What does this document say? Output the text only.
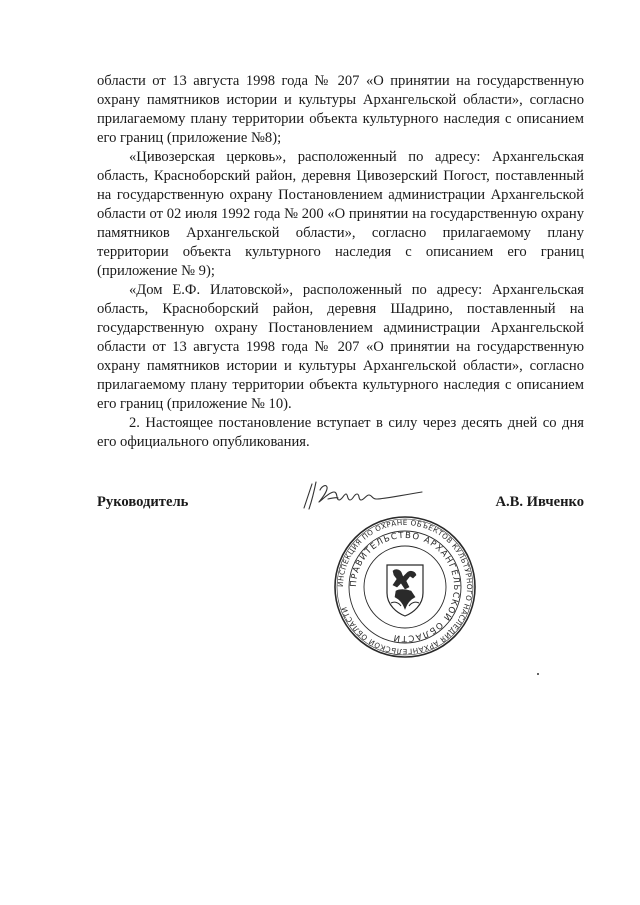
области от 13 августа 1998 года № 207 «О принятии на государственную охрану памятников истории и культуры Архангельской области», согласно прилагаемому плану территории объекта культурного наследия с описанием его границ (приложение №8);

«Цивозерская церковь», расположенный по адресу: Архангельская область, Красноборский район, деревня Цивозерский Погост, поставленный на государственную охрану Постановлением администрации Архангельской области от 02 июля 1992 года № 200 «О принятии на государственную охрану памятников Архангельской области», согласно прилагаемому плану территории объекта культурного наследия с описанием его границ (приложение № 9);

«Дом Е.Ф. Илатовской», расположенный по адресу: Архангельская область, Красноборский район, деревня Шадрино, поставленный на государственную охрану Постановлением администрации Архангельской области от 13 августа 1998 года № 207 «О принятии на государственную охрану памятников истории и культуры Архангельской области», согласно прилагаемому плану территории объекта культурного наследия с описанием его границ (приложение № 10).

2. Настоящее постановление вступает в силу через десять дней со дня его официального опубликования.

Руководитель	А.В. Ивченко
ИНСПЕКЦИЯ ПО ОХРАНЕ ОБЪЕКТОВ КУЛЬТУРНОГО НАСЛЕДИЯ АРХАНГЕЛЬСКОЙ ОБЛАСТИ
ПРАВИТЕЛЬСТВО АРХАНГЕЛЬСКОЙ ОБЛАСТИ
